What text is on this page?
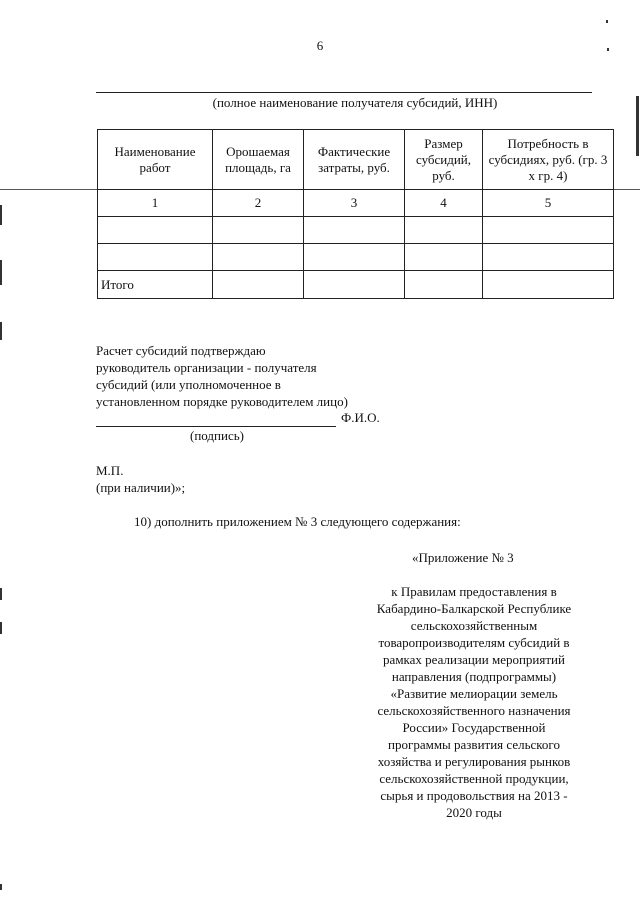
6
(полное наименование получателя субсидий, ИНН)
Наименование работ	Орошаемая площадь, га	Фактические затраты, руб.	Размер субсидий, руб.	Потребность в субсидиях, руб. (гр. 3 х гр. 4)
1	2	3	4	5

Итого				
Расчет субсидий подтверждаю
руководитель организации - получателя
субсидий (или уполномоченное в
установленном порядке руководителем лицо)
Ф.И.О.
(подпись)
М.П.
(при наличии)»;
10) дополнить приложением № 3 следующего содержания:
«Приложение № 3
к Правилам предоставления в
Кабардино-Балкарской Республике
сельскохозяйственным
товаропроизводителям субсидий в
рамках реализации мероприятий
направления (подпрограммы)
«Развитие мелиорации земель
сельскохозяйственного назначения
России» Государственной
программы развития сельского
хозяйства и регулирования рынков
сельскохозяйственной продукции,
сырья и продовольствия на 2013 -
2020 годы
